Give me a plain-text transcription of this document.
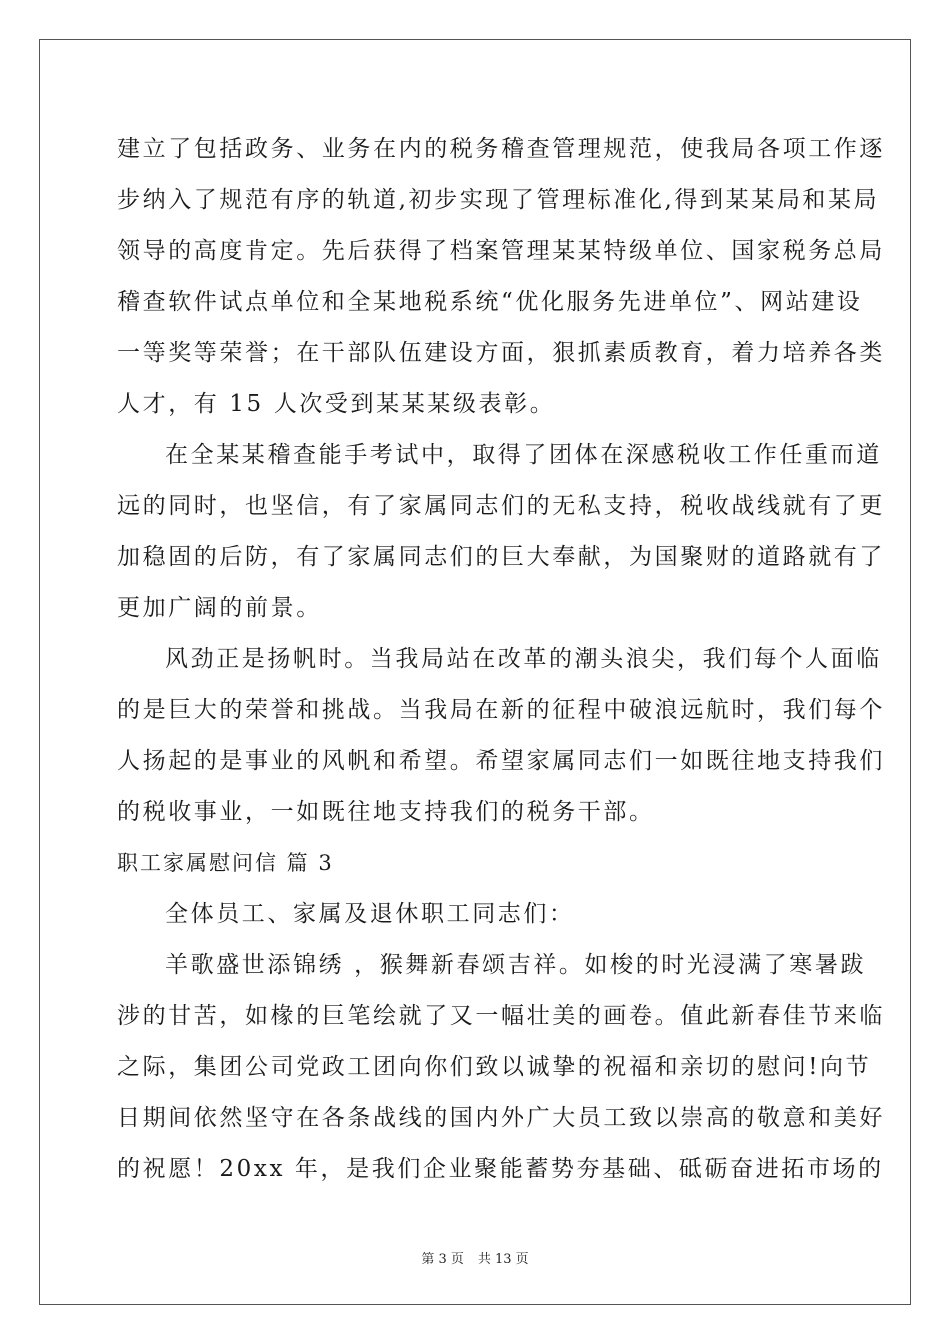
建立了包括政务、业务在内的税务稽查管理规范，使我局各项工作逐
步纳入了规范有序的轨道,初步实现了管理标准化,得到某某局和某局
领导的高度肯定。先后获得了档案管理某某特级单位、国家税务总局
稽查软件试点单位和全某地税系统“优化服务先进单位”、网站建设
一等奖等荣誉；在干部队伍建设方面，狠抓素质教育，着力培养各类
人才，有 15 人次受到某某某级表彰。
在全某某稽查能手考试中，取得了团体在深感税收工作任重而道
远的同时，也坚信，有了家属同志们的无私支持，税收战线就有了更
加稳固的后防，有了家属同志们的巨大奉献，为国聚财的道路就有了
更加广阔的前景。
风劲正是扬帆时。当我局站在改革的潮头浪尖，我们每个人面临
的是巨大的荣誉和挑战。当我局在新的征程中破浪远航时，我们每个
人扬起的是事业的风帆和希望。希望家属同志们一如既往地支持我们
的税收事业，一如既往地支持我们的税务干部。
职工家属慰问信 篇 3
全体员工、家属及退休职工同志们：
羊歌盛世添锦绣 ，猴舞新春颂吉祥。如梭的时光浸满了寒暑跋
涉的甘苦，如椽的巨笔绘就了又一幅壮美的画卷。值此新春佳节来临
之际，集团公司党政工团向你们致以诚挚的祝福和亲切的慰问!向节
日期间依然坚守在各条战线的国内外广大员工致以崇高的敬意和美好
的祝愿！20xx 年，是我们企业聚能蓄势夯基础、砥砺奋进拓市场的
第 3 页 共 13 页
